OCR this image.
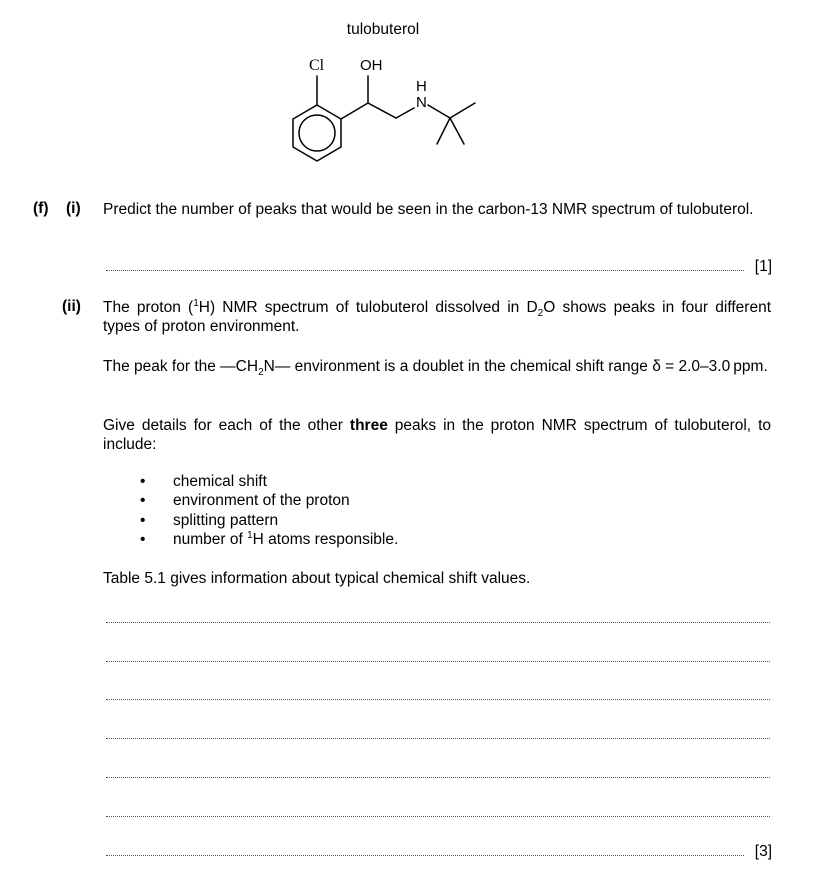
tulobuterol
Cl OH
N
H
(f) (i) Predict the number of peaks that would be seen in the carbon-13 NMR spectrum of tulobuterol.
[1]
(ii) The proton ($^1$H) NMR spectrum of tulobuterol dissolved in $D_2O$ shows peaks in four different types of proton environment.
The peak for the $—CH_2N—$ environment is a doublet in the chemical shift range δ = 2.0–3.0 ppm.
Give details for each of the other three peaks in the proton NMR spectrum of tulobuterol, to include:
• chemical shift
• environment of the proton
• splitting pattern
• number of $^1$H atoms responsible.
Table 5.1 gives information about typical chemical shift values.
[3]
